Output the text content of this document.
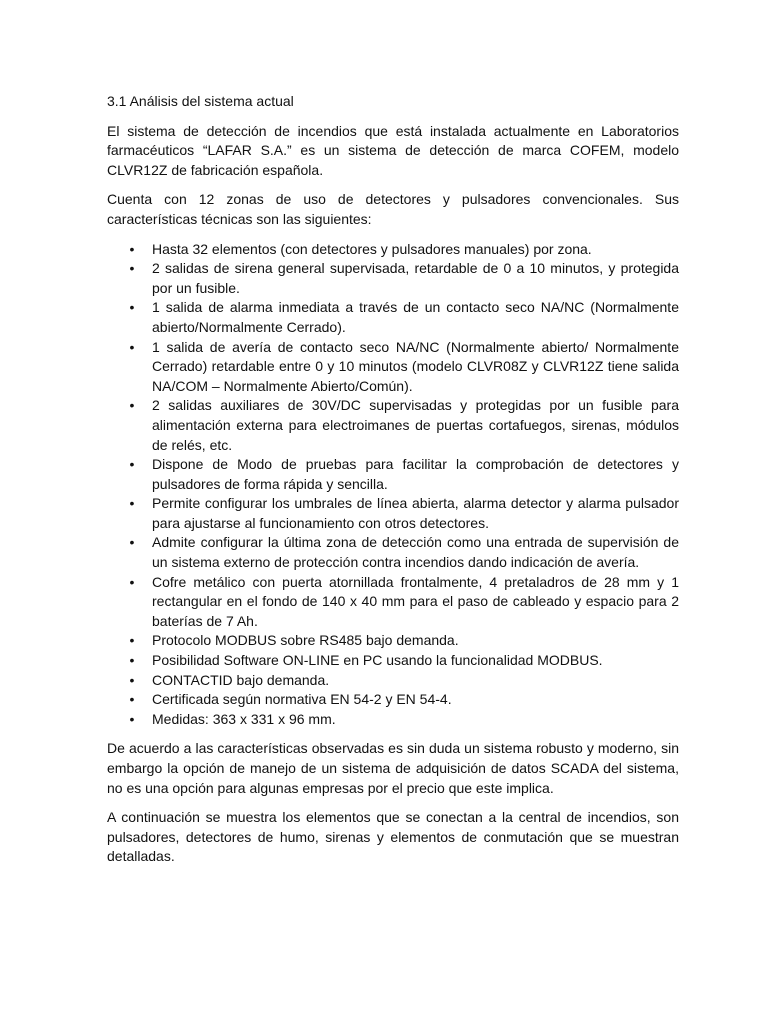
3.1 Análisis del sistema actual

El sistema de detección de incendios que está instalada actualmente en Laboratorios farmacéuticos “LAFAR S.A.” es un sistema de detección de marca COFEM, modelo CLVR12Z de fabricación española.

Cuenta con 12 zonas de uso de detectores y pulsadores convencionales. Sus características técnicas son las siguientes:

• Hasta 32 elementos (con detectores y pulsadores manuales) por zona.
• 2 salidas de sirena general supervisada, retardable de 0 a 10 minutos, y protegida por un fusible.
• 1 salida de alarma inmediata a través de un contacto seco NA/NC (Normalmente abierto/Normalmente Cerrado).
• 1 salida de avería de contacto seco NA/NC (Normalmente abierto/ Normalmente Cerrado) retardable entre 0 y 10 minutos (modelo CLVR08Z y CLVR12Z tiene salida NA/COM – Normalmente Abierto/Común).
• 2 salidas auxiliares de 30V/DC supervisadas y protegidas por un fusible para alimentación externa para electroimanes de puertas cortafuegos, sirenas, módulos de relés, etc.
• Dispone de Modo de pruebas para facilitar la comprobación de detectores y pulsadores de forma rápida y sencilla.
• Permite configurar los umbrales de línea abierta, alarma detector y alarma pulsador para ajustarse al funcionamiento con otros detectores.
• Admite configurar la última zona de detección como una entrada de supervisión de un sistema externo de protección contra incendios dando indicación de avería.
• Cofre metálico con puerta atornillada frontalmente, 4 pretaladros de 28 mm y 1 rectangular en el fondo de 140 x 40 mm para el paso de cableado y espacio para 2 baterías de 7 Ah.
• Protocolo MODBUS sobre RS485 bajo demanda.
• Posibilidad Software ON-LINE en PC usando la funcionalidad MODBUS.
• CONTACTID bajo demanda.
• Certificada según normativa EN 54-2 y EN 54-4.
• Medidas: 363 x 331 x 96 mm.

De acuerdo a las características observadas es sin duda un sistema robusto y moderno, sin embargo la opción de manejo de un sistema de adquisición de datos SCADA del sistema, no es una opción para algunas empresas por el precio que este implica.

A continuación se muestra los elementos que se conectan a la central de incendios, son pulsadores, detectores de humo, sirenas y elementos de conmutación que se muestran detalladas.
